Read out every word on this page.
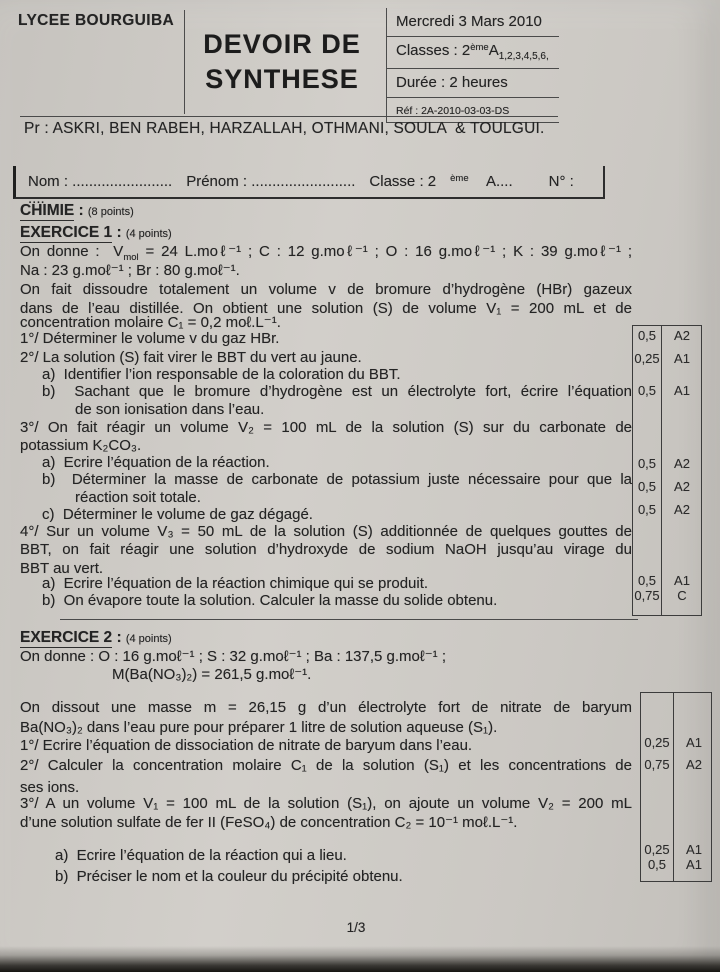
LYCEE BOURGUIBA
DEVOIR DE
SYNTHESE
Mercredi 3 Mars 2010
Classes : $2èmeA_{1,2,3,4,5,6,}$
Durée : 2 heures
Réf : 2A-2010-03-03-DS
Pr : ASKRI, BEN RABEH, HARZALLAH, OTHMANI, SOULA  & TOULGUI.
Nom : ........................ Prénom : ......................... Classe : 2 $^{ème}$ A.... N° : ....
CHIMIE : (8 points)
EXERCICE 1 : (4 points)
On donne :  $V_{mol} = 24$ L.moℓ⁻¹ ; C : 12 g.moℓ⁻¹ ; O : 16 g.moℓ⁻¹ ; K : 39 g.moℓ⁻¹ ;
Na : 23 g.moℓ⁻¹ ; Br : 80 g.moℓ⁻¹.
On fait dissoudre totalement un volume v de bromure d’hydrogène (HBr) gazeux
dans de l’eau distillée. On obtient une solution (S) de volume V₁ = 200 mL et de
concentration molaire C₁ = 0,2 moℓ.L⁻¹.
1°/ Déterminer le volume v du gaz HBr.
2°/ La solution (S) fait virer le BBT du vert au jaune.
a)  Identifier l’ion responsable de la coloration du BBT.
b)  Sachant que le bromure d’hydrogène est un électrolyte fort, écrire l’équation
de son ionisation dans l’eau.
3°/ On fait réagir un volume V₂ = 100 mL de la solution (S) sur du carbonate de
potassium K₂CO₃.
a)  Ecrire l’équation de la réaction.
b)  Déterminer la masse de carbonate de potassium juste nécessaire pour que la
réaction soit totale.
c)  Déterminer le volume de gaz dégagé.
4°/ Sur un volume V₃ = 50 mL de la solution (S) additionnée de quelques gouttes de
BBT, on fait réagir une solution d’hydroxyde de sodium NaOH jusqu’au virage du
BBT au vert.
a)  Ecrire l’équation de la réaction chimique qui se produit.
b)  On évapore toute la solution. Calculer la masse du solide obtenu.
EXERCICE 2 : (4 points)
On donne : O : 16 g.moℓ⁻¹ ; S : 32 g.moℓ⁻¹ ; Ba : 137,5 g.moℓ⁻¹ ;
M(Ba(NO₃)₂) = 261,5 g.moℓ⁻¹.
On dissout une masse m = 26,15 g d’un électrolyte fort de nitrate de baryum
Ba(NO₃)₂ dans l’eau pure pour préparer 1 litre de solution aqueuse (S₁).
1°/ Ecrire l’équation de dissociation de nitrate de baryum dans l’eau.
2°/ Calculer la concentration molaire C₁ de la solution (S₁) et les concentrations de
ses ions.
3°/ A un volume V₁ = 100 mL de la solution (S₁), on ajoute un volume V₂ = 200 mL
d’une solution sulfate de fer II (FeSO₄) de concentration C₂ = 10⁻¹ moℓ.L⁻¹.
a)  Ecrire l’équation de la réaction qui a lieu.
b)  Préciser le nom et la couleur du précipité obtenu.
0,5	A2
0,25	A1
0,5	A1
0,5	A2
0,5	A2
0,5	A2
0,5	A1
0,75	C
0,25	A1
0,75	A2
0,25	A1
0,5	A1
1/3
